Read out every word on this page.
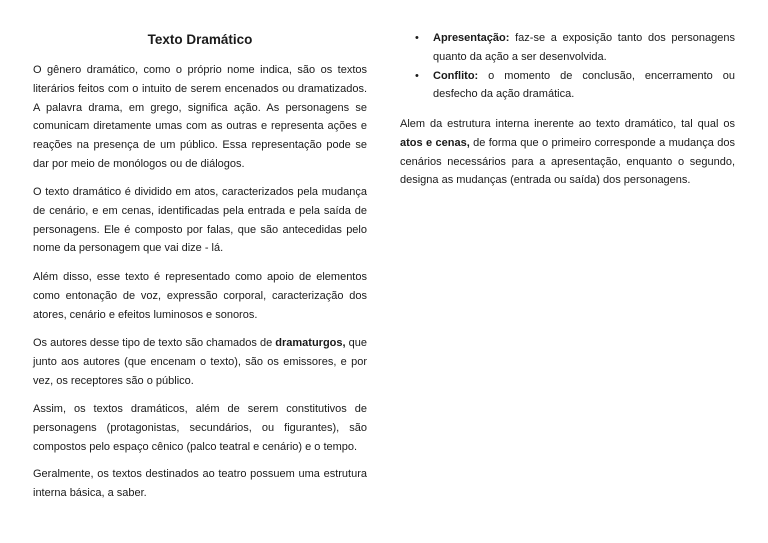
Texto Dramático

O gênero dramático, como o próprio nome indica, são os textos literários feitos com o intuito de serem encenados ou dramatizados. A palavra drama, em grego, significa ação. As personagens se comunicam diretamente umas com as outras e representa ações e reações na presença de um público. Essa representação pode se dar por meio de monólogos ou de diálogos.

O texto dramático é dividido em atos, caracterizados pela mudança de cenário, e em cenas, identificadas pela entrada e pela saída de personagens. Ele é composto por falas, que são antecedidas pelo nome da personagem que vai dize - lá.

Além disso, esse texto é representado como apoio de elementos como entonação de voz, expressão corporal, caracterização dos atores, cenário e efeitos luminosos e sonoros.

Os autores desse tipo de texto são chamados de dramaturgos, que junto aos autores (que encenam o texto), são os emissores, e por vez, os receptores são o público.

Assim, os textos dramáticos, além de serem constitutivos de personagens (protagonistas, secundários, ou figurantes), são compostos pelo espaço cênico (palco teatral e cenário) e o tempo.

Geralmente, os textos destinados ao teatro possuem uma estrutura interna básica, a saber.

• Apresentação: faz-se a exposição tanto dos personagens quanto da ação a ser desenvolvida.
• Conflito: o momento de conclusão, encerramento ou desfecho da ação dramática.

Alem da estrutura interna inerente ao texto dramático, tal qual os atos e cenas, de forma que o primeiro corresponde a mudança dos cenários necessários para a apresentação, enquanto o segundo, designa as mudanças (entrada ou saída) dos personagens.
